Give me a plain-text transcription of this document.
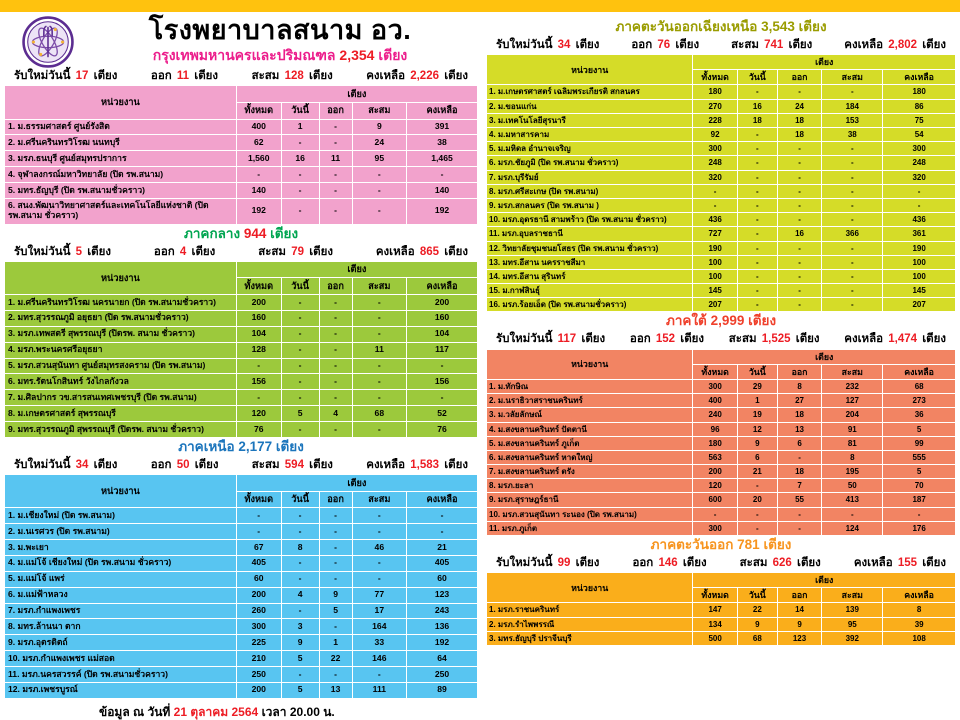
โรงพยาบาลสนาม อว.
กรุงเทพมหานครและปริมณฑล 2,354 เตียง
รับใหม่วันนี้ 17 เตียง	ออก 11 เตียง	สะสม 128 เตียง	คงเหลือ 2,226 เตียง
หน่วยงาน	เตียง				
	ทั้งหมด	วันนี้	ออก	สะสม	คงเหลือ
1. ม.ธรรมศาสตร์ ศูนย์รังสิต	400	1	-	9	391
2. ม.ศรีนครินทรวิโรฒ นนทบุรี	62	-	-	24	38
3. มรภ.ธนบุรี ศูนย์สมุทรปราการ	1,560	16	11	95	1,465
4. จุฬาลงกรณ์มหาวิทยาลัย (ปิด รพ.สนาม)	-	-	-	-	-
5. มทร.ธัญบุรี (ปิด รพ.สนามชั่วคราว)	140	-	-	-	140
6. สนง.พัฒนาวิทยาศาสตร์และเทคโนโลยีแห่งชาติ (ปิด รพ.สนาม ชั่วคราว)	192	-	-	-	192
ภาคกลาง 944 เตียง
รับใหม่วันนี้ 5 เตียง	ออก 4 เตียง	สะสม 79 เตียง	คงเหลือ 865 เตียง
หน่วยงาน	เตียง				
	ทั้งหมด	วันนี้	ออก	สะสม	คงเหลือ
1. ม.ศรีนครินทรวิโรฒ นครนายก (ปิด รพ.สนามชั่วคราว)	200	-	-	-	200
2. มทร.สุวรรณภูมิ อยุธยา (ปิด รพ.สนามชั่วคราว)	160	-	-	-	160
3. มรภ.เทพสตรี สุพรรณบุรี (ปิดรพ. สนาม ชั่วคราว)	104	-	-	-	104
4. มรภ.พระนครศรีอยุธยา	128	-	-	11	117
5. มรภ.สวนสุนันทา ศูนย์สมุทรสงคราม (ปิด รพ.สนาม)	-	-	-	-	-
6. มทร.รัตนโกสินทร์ วังไกลกังวล	156	-	-	-	156
7. ม.ศิลปากร วข.สารสนเทศเพชรบุรี (ปิด รพ.สนาม)	-	-	-	-	-
8. ม.เกษตรศาสตร์ สุพรรณบุรี	120	5	4	68	52
9. มทร.สุวรรณภูมิ สุพรรณบุรี (ปิดรพ. สนาม ชั่วคราว)	76	-	-	-	76
ภาคเหนือ 2,177 เตียง
รับใหม่วันนี้ 34 เตียง	ออก 50 เตียง	สะสม 594 เตียง	คงเหลือ 1,583 เตียง
หน่วยงาน	เตียง				
	ทั้งหมด	วันนี้	ออก	สะสม	คงเหลือ
1. ม.เชียงใหม่ (ปิด รพ.สนาม)	-	-	-	-	-
2. ม.นเรศวร (ปิด รพ.สนาม)	-	-	-	-	-
3. ม.พะเยา	67	8	-	46	21
4. ม.แม่โจ้ เชียงใหม่ (ปิด รพ.สนาม ชั่วคราว)	405	-	-	-	405
5. ม.แม่โจ้ แพร่	60	-	-	-	60
6. ม.แม่ฟ้าหลวง	200	4	9	77	123
7. มรภ.กำแพงเพชร	260	-	5	17	243
8. มทร.ล้านนา ตาก	300	3	-	164	136
9. มรภ.อุตรดิตถ์	225	9	1	33	192
10. มรภ.กำแพงเพชร แม่สอด	210	5	22	146	64
11. มรภ.นครสวรรค์ (ปิด รพ.สนามชั่วคราว)	250	-	-	-	250
12. มรภ.เพชรบูรณ์	200	5	13	111	89
ข้อมูล ณ วันที่ 21 ตุลาคม 2564 เวลา 20.00 น.
ภาคตะวันออกเฉียงเหนือ 3,543 เตียง
รับใหม่วันนี้ 34 เตียง	ออก 76 เตียง	สะสม 741 เตียง	คงเหลือ 2,802 เตียง
หน่วยงาน	เตียง				
	ทั้งหมด	วันนี้	ออก	สะสม	คงเหลือ
1. ม.เกษตรศาสตร์ เฉลิมพระเกียรติ สกลนคร	180	-	-	-	180
2. ม.ขอนแก่น	270	16	24	184	86
3. ม.เทคโนโลยีสุรนารี	228	18	18	153	75
4. ม.มหาสารคาม	92	-	18	38	54
5. ม.มหิดล อำนาจเจริญ	300	-	-	-	300
6. มรภ.ชัยภูมิ (ปิด รพ.สนาม ชั่วคราว)	248	-	-	-	248
7. มรภ.บุรีรัมย์	320	-	-	-	320
8. มรภ.ศรีสะเกษ (ปิด รพ.สนาม)	-	-	-	-	-
9. มรภ.สกลนคร (ปิด รพ.สนาม )	-	-	-	-	-
10. มรภ.อุดรธานี สามพร้าว (ปิด รพ.สนาม ชั่วคราว)	436	-	-	-	436
11. มรภ.อุบลราชธานี	727	-	16	366	361
12. วิทยาลัยชุมชนยโสธร (ปิด รพ.สนาม ชั่วคราว)	190	-	-	-	190
13. มทร.อีสาน นครราชสีมา	100	-	-	-	100
14. มทร.อีสาน สุรินทร์	100	-	-	-	100
15. ม.กาฬสินธุ์	145	-	-	-	145
16. มรภ.ร้อยเอ็ด (ปิด รพ.สนามชั่วคราว)	207	-	-	-	207
ภาคใต้ 2,999 เตียง
รับใหม่วันนี้ 117 เตียง ออก 152 เตียง สะสม 1,525 เตียง คงเหลือ 1,474 เตียง
หน่วยงาน	เตียง				
	ทั้งหมด	วันนี้	ออก	สะสม	คงเหลือ
1. ม.ทักษิณ	300	29	8	232	68
2. ม.นราธิวาสราชนครินทร์	400	1	27	127	273
3. ม.วลัยลักษณ์	240	19	18	204	36
4. ม.สงขลานครินทร์ ปัตตานี	96	12	13	91	5
5. ม.สงขลานครินทร์ ภูเก็ต	180	9	6	81	99
6. ม.สงขลานครินทร์ หาดใหญ่	563	6	-	8	555
7. ม.สงขลานครินทร์ ตรัง	200	21	18	195	5
8. มรภ.ยะลา	120	-	7	50	70
9. มรภ.สุราษฎร์ธานี	600	20	55	413	187
10. มรภ.สวนสุนันทา ระนอง (ปิด รพ.สนาม)	-	-	-	-	-
11. มรภ.ภูเก็ต	300	-	-	124	176
ภาคตะวันออก 781 เตียง
รับใหม่วันนี้ 99 เตียง	ออก 146 เตียง	สะสม 626 เตียง	คงเหลือ 155 เตียง
หน่วยงาน	เตียง				
	ทั้งหมด	วันนี้	ออก	สะสม	คงเหลือ
1. มรภ.ราชนครินทร์	147	22	14	139	8
2. มรภ.รำไพพรรณี	134	9	9	95	39
3. มทร.ธัญบุรี ปราจีนบุรี	500	68	123	392	108
